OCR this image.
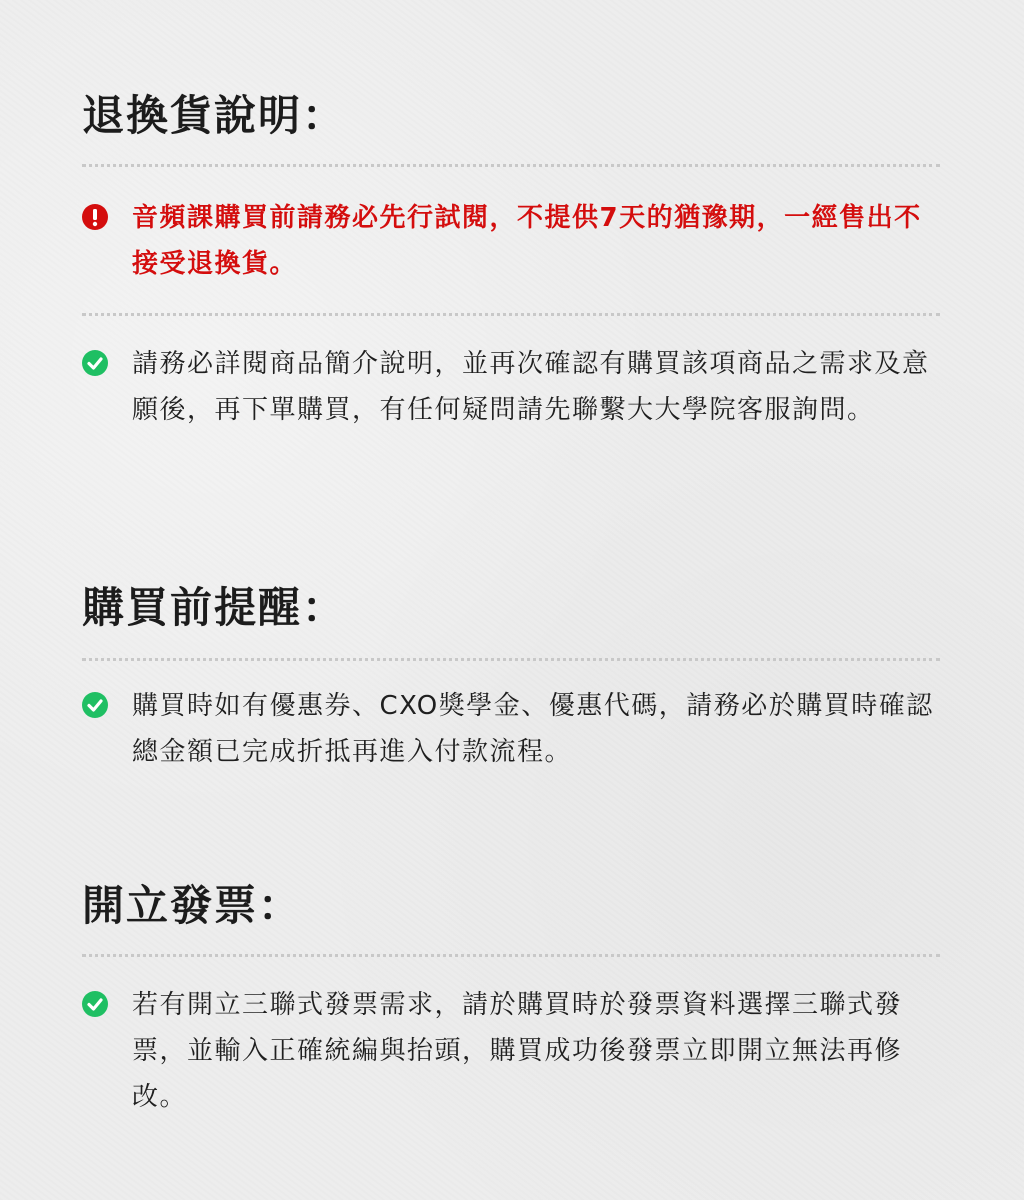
退換貨說明：

音頻課購買前請務必先行試閱，不提供7天的猶豫期，一經售出不接受退換貨。

請務必詳閱商品簡介說明，並再次確認有購買該項商品之需求及意願後，再下單購買，有任何疑問請先聯繫大大學院客服詢問。

購買前提醒：

購買時如有優惠券、CXO獎學金、優惠代碼，請務必於購買時確認總金額已完成折抵再進入付款流程。

開立發票：

若有開立三聯式發票需求，請於購買時於發票資料選擇三聯式發票，並輸入正確統編與抬頭，購買成功後發票立即開立無法再修改。
